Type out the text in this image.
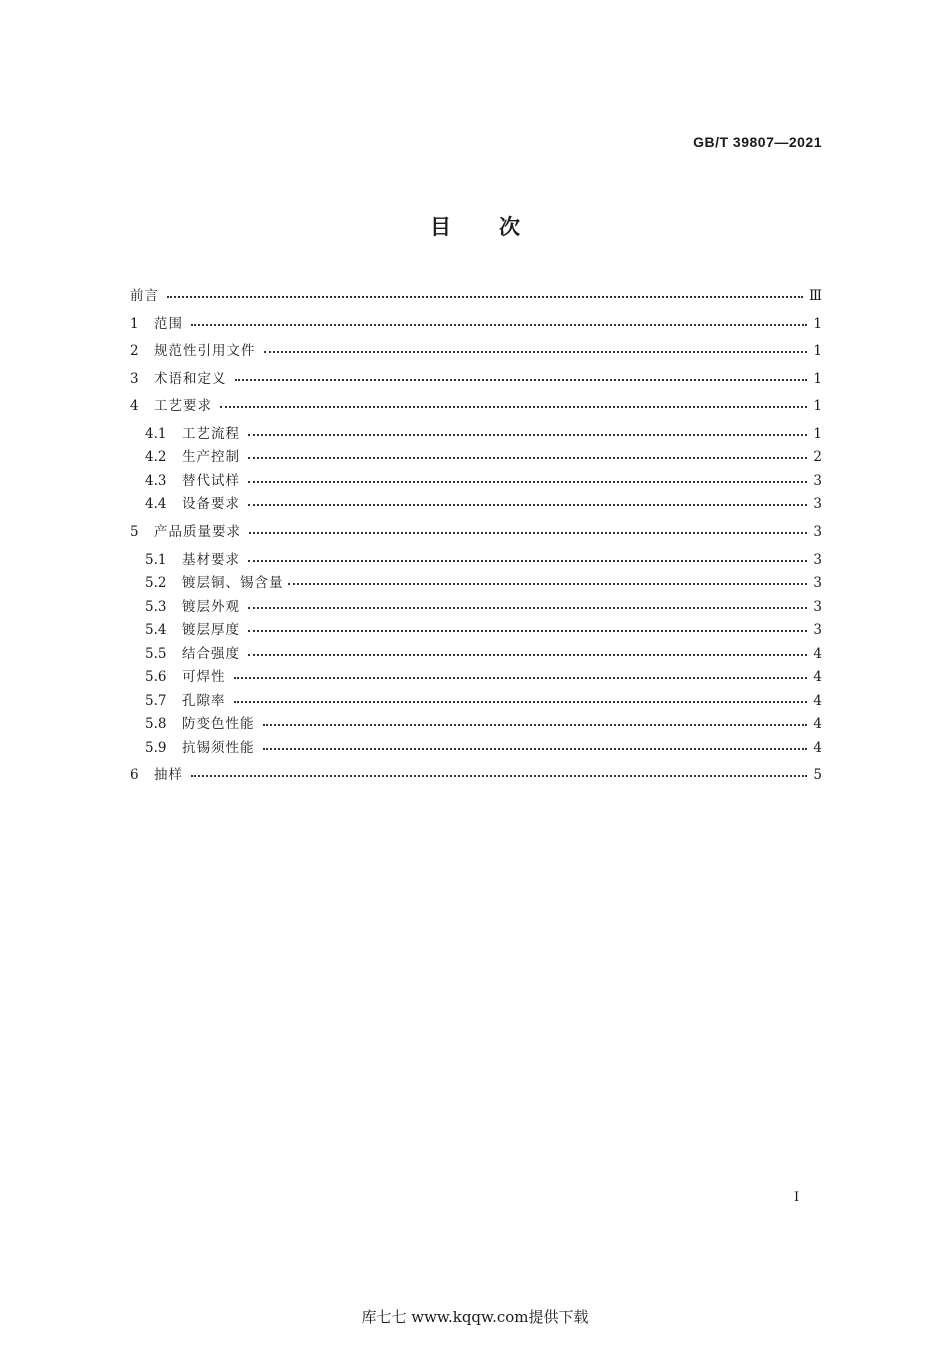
GB/T 39807—2021
目次
前言	Ⅲ
1	范围	1
2	规范性引用文件	1
3	术语和定义	1
4	工艺要求	1
4.1	工艺流程	1
4.2	生产控制	2
4.3	替代试样	3
4.4	设备要求	3
5	产品质量要求	3
5.1	基材要求	3
5.2	镀层铜、锡含量	3
5.3	镀层外观	3
5.4	镀层厚度	3
5.5	结合强度	4
5.6	可焊性	4
5.7	孔隙率	4
5.8	防变色性能	4
5.9	抗锡须性能	4
6	抽样	5
I
库七七 www.kqqw.com提供下载
